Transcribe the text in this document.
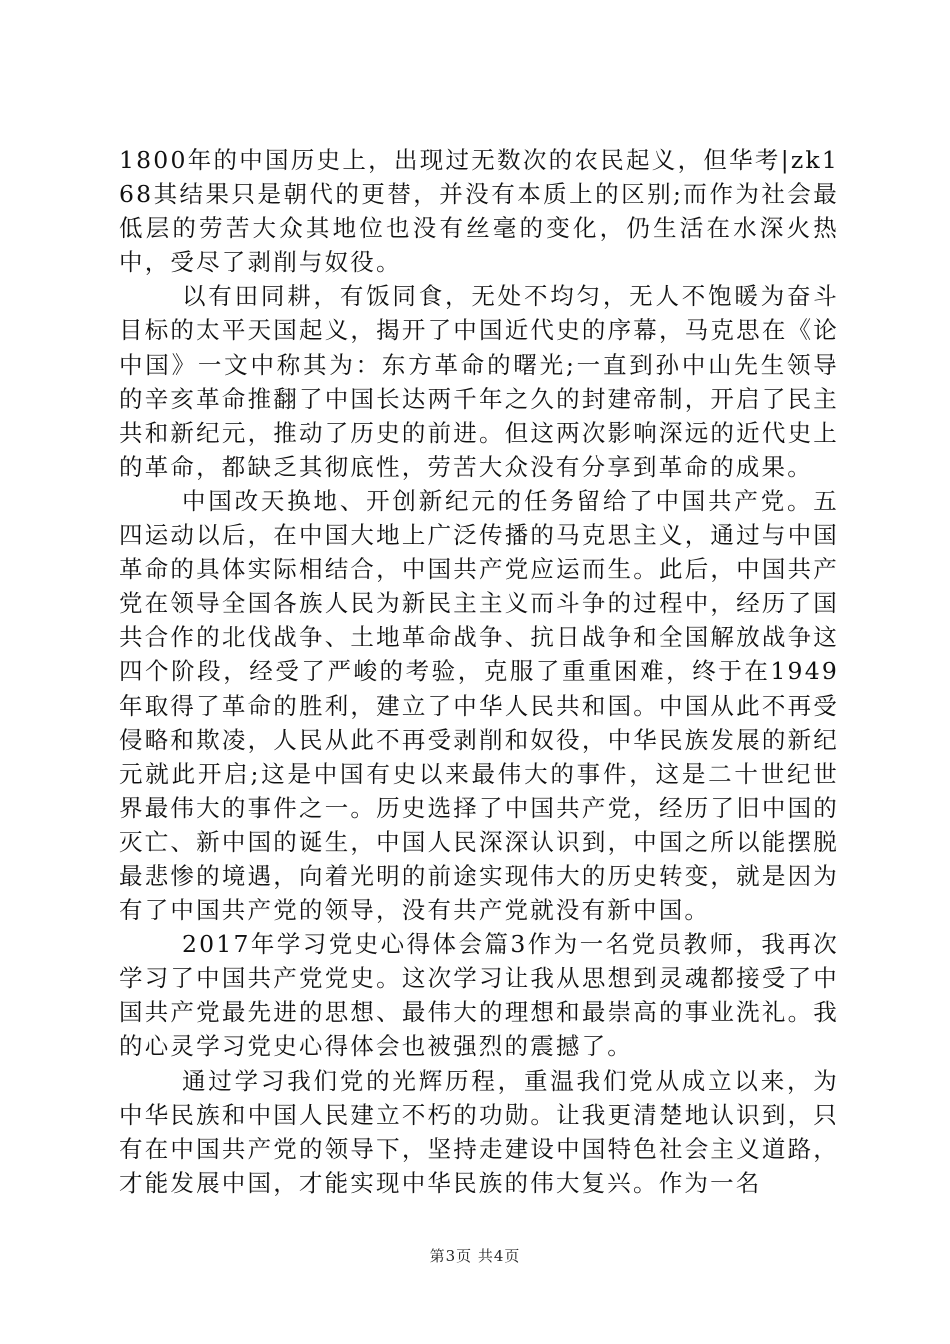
1800年的中国历史上，出现过无数次的农民起义，但华考|zk168其结果只是朝代的更替，并没有本质上的区别;而作为社会最低层的劳苦大众其地位也没有丝毫的变化，仍生活在水深火热中，受尽了剥削与奴役。

以有田同耕，有饭同食，无处不均匀，无人不饱暖为奋斗目标的太平天国起义，揭开了中国近代史的序幕，马克思在《论中国》一文中称其为：东方革命的曙光;一直到孙中山先生领导的辛亥革命推翻了中国长达两千年之久的封建帝制，开启了民主共和新纪元，推动了历史的前进。但这两次影响深远的近代史上的革命，都缺乏其彻底性，劳苦大众没有分享到革命的成果。

中国改天换地、开创新纪元的任务留给了中国共产党。五四运动以后，在中国大地上广泛传播的马克思主义，通过与中国革命的具体实际相结合，中国共产党应运而生。此后，中国共产党在领导全国各族人民为新民主主义而斗争的过程中，经历了国共合作的北伐战争、土地革命战争、抗日战争和全国解放战争这四个阶段，经受了严峻的考验，克服了重重困难，终于在1949年取得了革命的胜利，建立了中华人民共和国。中国从此不再受侵略和欺凌，人民从此不再受剥削和奴役，中华民族发展的新纪元就此开启;这是中国有史以来最伟大的事件，这是二十世纪世界最伟大的事件之一。历史选择了中国共产党，经历了旧中国的灭亡、新中国的诞生，中国人民深深认识到，中国之所以能摆脱最悲惨的境遇，向着光明的前途实现伟大的历史转变，就是因为有了中国共产党的领导，没有共产党就没有新中国。

2017年学习党史心得体会篇3作为一名党员教师，我再次学习了中国共产党党史。这次学习让我从思想到灵魂都接受了中国共产党最先进的思想、最伟大的理想和最崇高的事业洗礼。我的心灵学习党史心得体会也被强烈的震撼了。

通过学习我们党的光辉历程，重温我们党从成立以来，为中华民族和中国人民建立不朽的功勋。让我更清楚地认识到，只有在中国共产党的领导下，坚持走建设中国特色社会主义道路，才能发展中国，才能实现中华民族的伟大复兴。作为一名

第3页 共4页
